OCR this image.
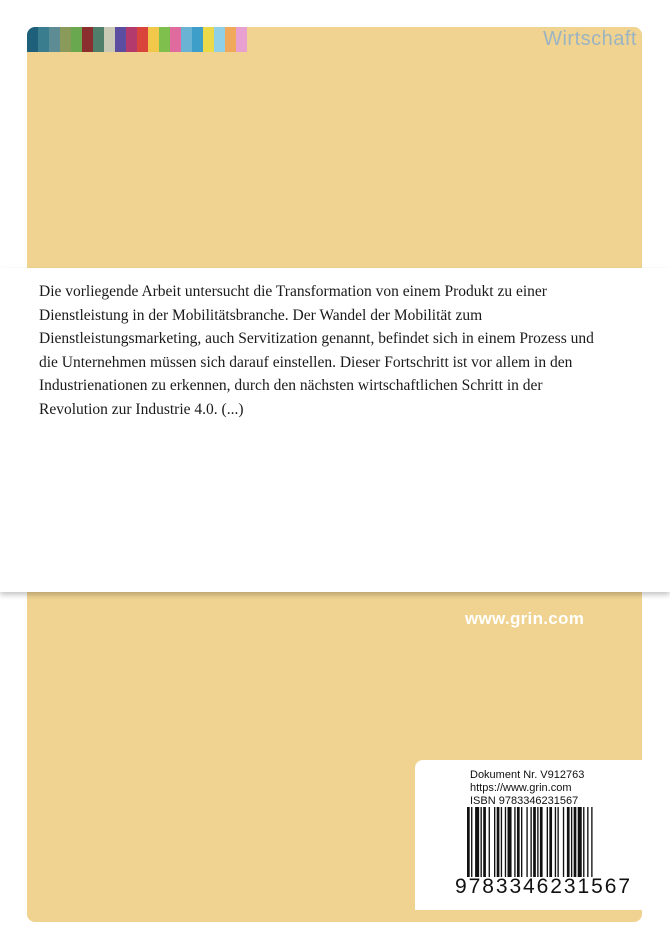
Wirtschaft

Die vorliegende Arbeit untersucht die Transformation von einem Produkt zu einer
Dienstleistung in der Mobilitätsbranche. Der Wandel der Mobilität zum
Dienstleistungsmarketing, auch Servitization genannt, befindet sich in einem Prozess und
die Unternehmen müssen sich darauf einstellen. Dieser Fortschritt ist vor allem in den
Industrienationen zu erkennen, durch den nächsten wirtschaftlichen Schritt in der
Revolution zur Industrie 4.0. (...)

www.grin.com
Dokument Nr. V912763
https://www.grin.com
ISBN 9783346231567
9 7 8 3 3 4 6 2 3 1 5 6 7
